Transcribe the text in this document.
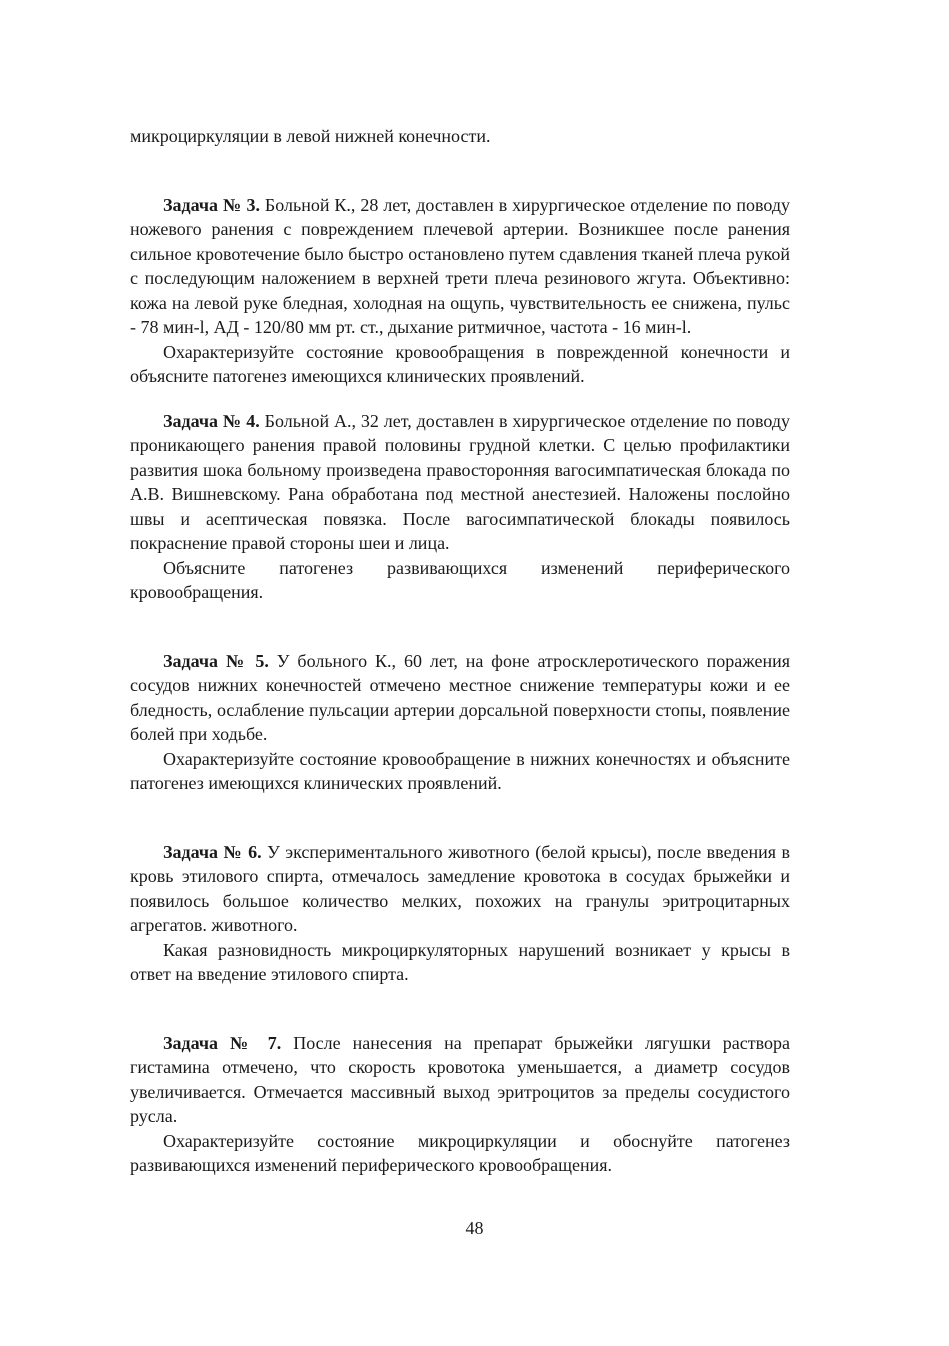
микроциркуляции в левой нижней конечности.

Задача № 3. Больной К., 28 лет, доставлен в хирургическое отделение по поводу ножевого ранения с повреждением плечевой артерии. Возникшее после ранения сильное кровотечение было быстро остановлено путем сдавления тканей плеча рукой с последующим наложением в верхней трети плеча резинового жгута. Объективно: кожа на левой руке бледная, холодная на ощупь, чувствительность ее снижена, пульс - 78 мин-l, АД - 120/80 мм рт. ст., дыхание ритмичное, частота - 16 мин-l.

Охарактеризуйте состояние кровообращения в поврежденной конечности и объясните патогенез имеющихся клинических проявлений.

Задача № 4. Больной А., 32 лет, доставлен в хирургическое отделение по поводу проникающего ранения правой половины грудной клетки. С целью профилактики развития шока больному произведена правосторонняя вагосимпатическая блокада по А.В. Вишневскому. Рана обработана под местной анестезией. Наложены послойно швы и асептическая повязка. После вагосимпатической блокады появилось покраснение правой стороны шеи и лица.

Объясните патогенез развивающихся изменений периферического кровообращения.

Задача № 5. У больного К., 60 лет, на фоне атросклеротического поражения сосудов нижних конечностей отмечено местное снижение температуры кожи и ее бледность, ослабление пульсации артерии дорсальной поверхности стопы, появление болей при ходьбе.

Охарактеризуйте состояние кровообращение в нижних конечностях и объясните патогенез имеющихся клинических проявлений.

Задача № 6. У экспериментального животного (белой крысы), после введения в кровь этилового спирта, отмечалось замедление кровотока в сосудах брыжейки и появилось большое количество мелких, похожих на гранулы эритроцитарных агрегатов. животного.

Какая разновидность микроциркуляторных нарушений возникает у крысы в ответ на введение этилового спирта.

Задача № 7. После нанесения на препарат брыжейки лягушки раствора гистамина отмечено, что скорость кровотока уменьшается, а диаметр сосудов увеличивается. Отмечается массивный выход эритроцитов за пределы сосудистого русла.

Охарактеризуйте состояние микроциркуляции и обоснуйте патогенез развивающихся изменений периферического кровообращения.

48
